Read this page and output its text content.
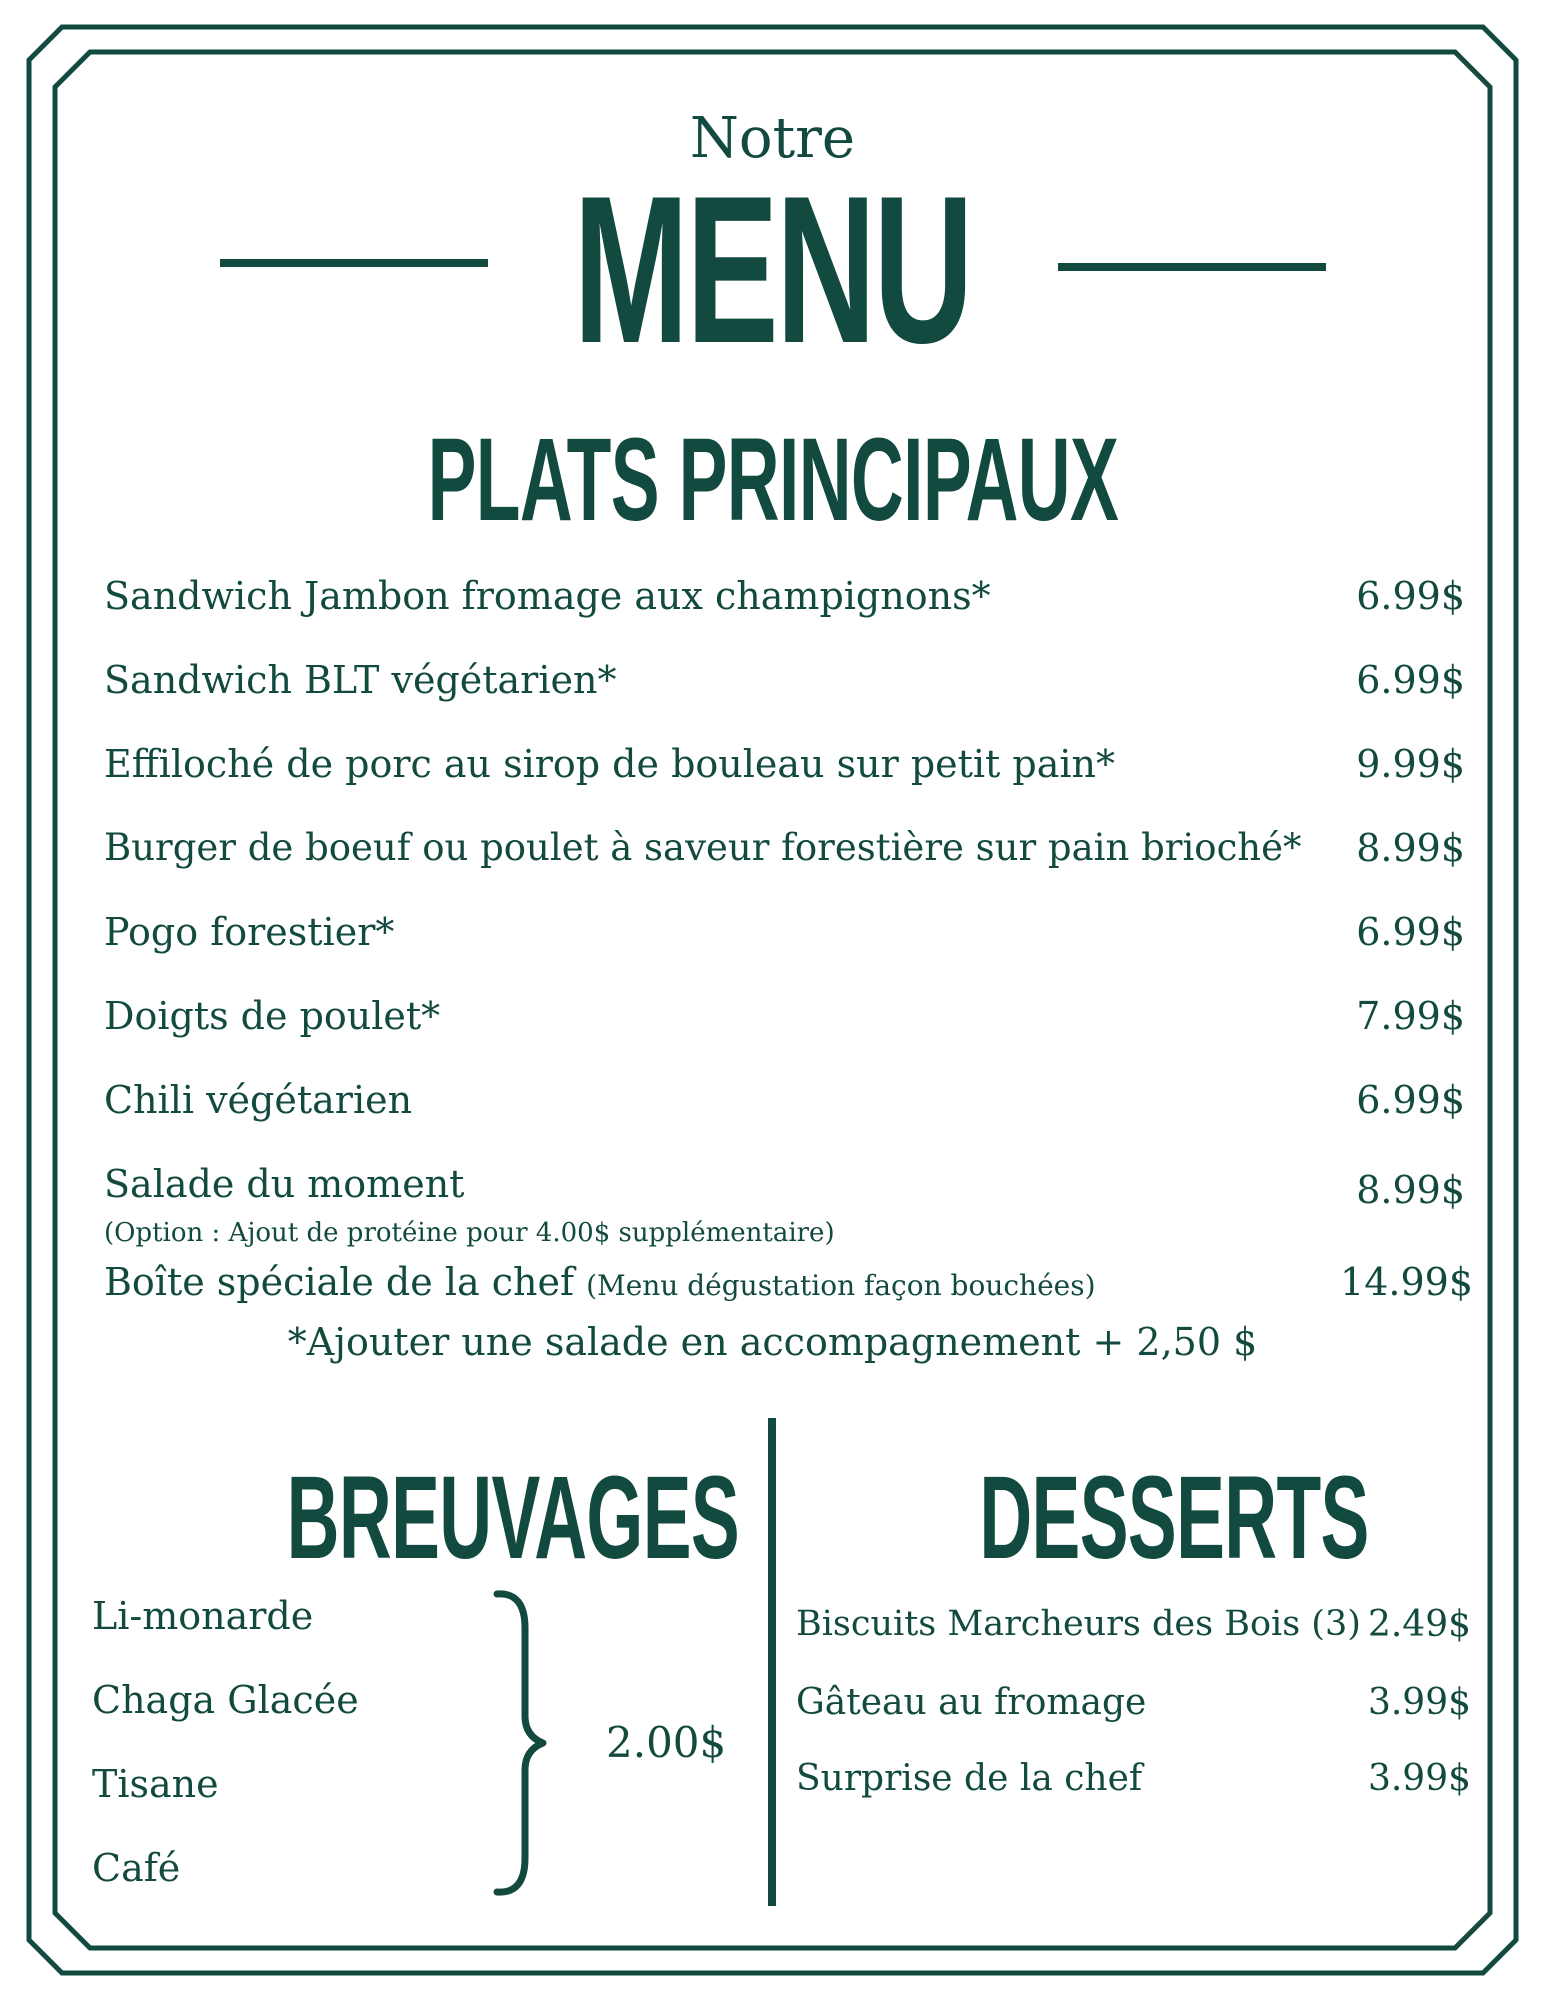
Notre
MENU
PLATS PRINCIPAUX
Sandwich Jambon fromage aux champignons*	6.99$
Sandwich BLT végétarien*	6.99$
Effiloché de porc au sirop de bouleau sur petit pain*	9.99$
Burger de boeuf ou poulet à saveur forestière sur pain brioché* 8.99$
Pogo forestier*	6.99$
Doigts de poulet*	7.99$
Chili végétarien	6.99$
Salade du moment	8.99$
(Option : Ajout de protéine pour 4.00$ supplémentaire)
Boîte spéciale de la chef (Menu dégustation façon bouchées)	14.99$
*Ajouter une salade en accompagnement + 2,50 $
BREUVAGES
Li-monarde
Chaga Glacée
Tisane
Café
2.00$
DESSERTS
Biscuits Marcheurs des Bois (3) 2.49$
Gâteau au fromage	3.99$
Surprise de la chef	3.99$
